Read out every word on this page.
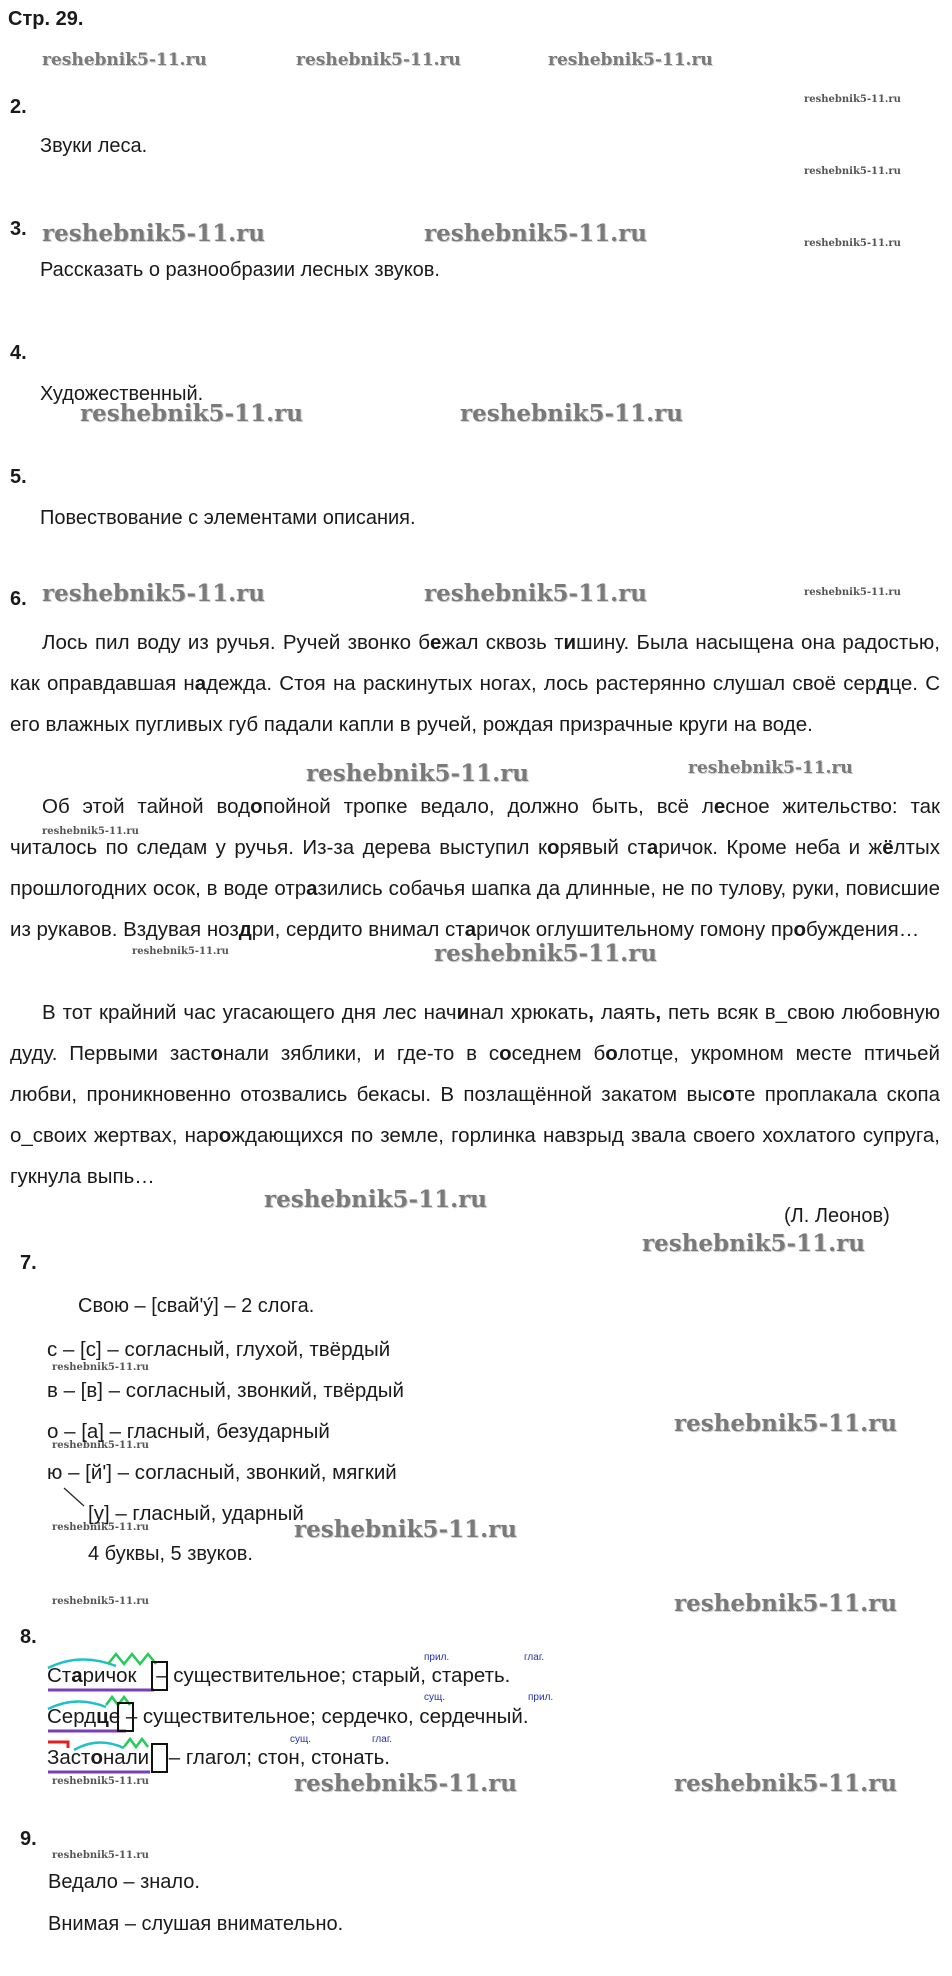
Стр. 29.
reshebnik5-11.ru	reshebnik5-11.ru	reshebnik5-11.ru
reshebnik5-11.ru
reshebnik5-11.ru
reshebnik5-11.ru	reshebnik5-11.ru	reshebnik5-11.ru
reshebnik5-11.ru	reshebnik5-11.ru
reshebnik5-11.ru	reshebnik5-11.ru	reshebnik5-11.ru
reshebnik5-11.ru	reshebnik5-11.ru
reshebnik5-11.ru
reshebnik5-11.ru	reshebnik5-11.ru
reshebnik5-11.ru
reshebnik5-11.ru
reshebnik5-11.ru
reshebnik5-11.ru
reshebnik5-11.ru
reshebnik5-11.ru	reshebnik5-11.ru
reshebnik5-11.ru	reshebnik5-11.ru
reshebnik5-11.ru	reshebnik5-11.ru	reshebnik5-11.ru
reshebnik5-11.ru
2.
Звуки леса.
3.
Рассказать о разнообразии лесных звуков.
4.
Художественный.
5.
Повествование с элементами описания.
6.
Лось пил воду из ручья. Ручей звонко бежал сквозь тишину. Была насыщена она радостью, как оправдавшая надежда. Стоя на раскинутых ногах, лось растерянно слушал своё сердце. С его влажных пугливых губ падали капли в ручей, рождая призрачные круги на воде.
Об этой тайной водопойной тропке ведало, должно быть, всё лесное жительство: так читалось по следам у ручья. Из-за дерева выступил корявый старичок. Кроме неба и жёлтых прошлогодних осок, в воде отразились собачья шапка да длинные, не по тулову, руки, повисшие из рукавов. Вздувая ноздри, сердито внимал старичок оглушительному гомону пробуждения…
В тот крайний час угасающего дня лес начинал хрюкать, лаять, петь всяк в_свою любовную дуду. Первыми застонали зяблики, и где-то в соседнем болотце, укромном месте птичьей любви, проникновенно отозвались бекасы. В позлащённой закатом высоте проплакала скопа о_своих жертвах, нарождающихся по земле, горлинка навзрыд звала своего хохлатого супруга, гукнула выпь…
(Л. Леонов)
7.
Свою – [свай'у́] – 2 слога.
с – [с] – согласный, глухой, твёрдый
в – [в] – согласный, звонкий, твёрдый
о – [а] – гласный, безударный
ю – [й'] – согласный, звонкий, мягкий
[у] – гласный, ударный
4 буквы, 5 звуков.
8.
прил.	глаг.
Старичок – существительное; старый, стареть.
сущ.	прил.
Сердце – существительное; сердечко, сердечный.
сущ.	глаг.
Застонали – глагол; стон, стонать.
9.
Ведало – знало.
Внимая – слушая внимательно.
